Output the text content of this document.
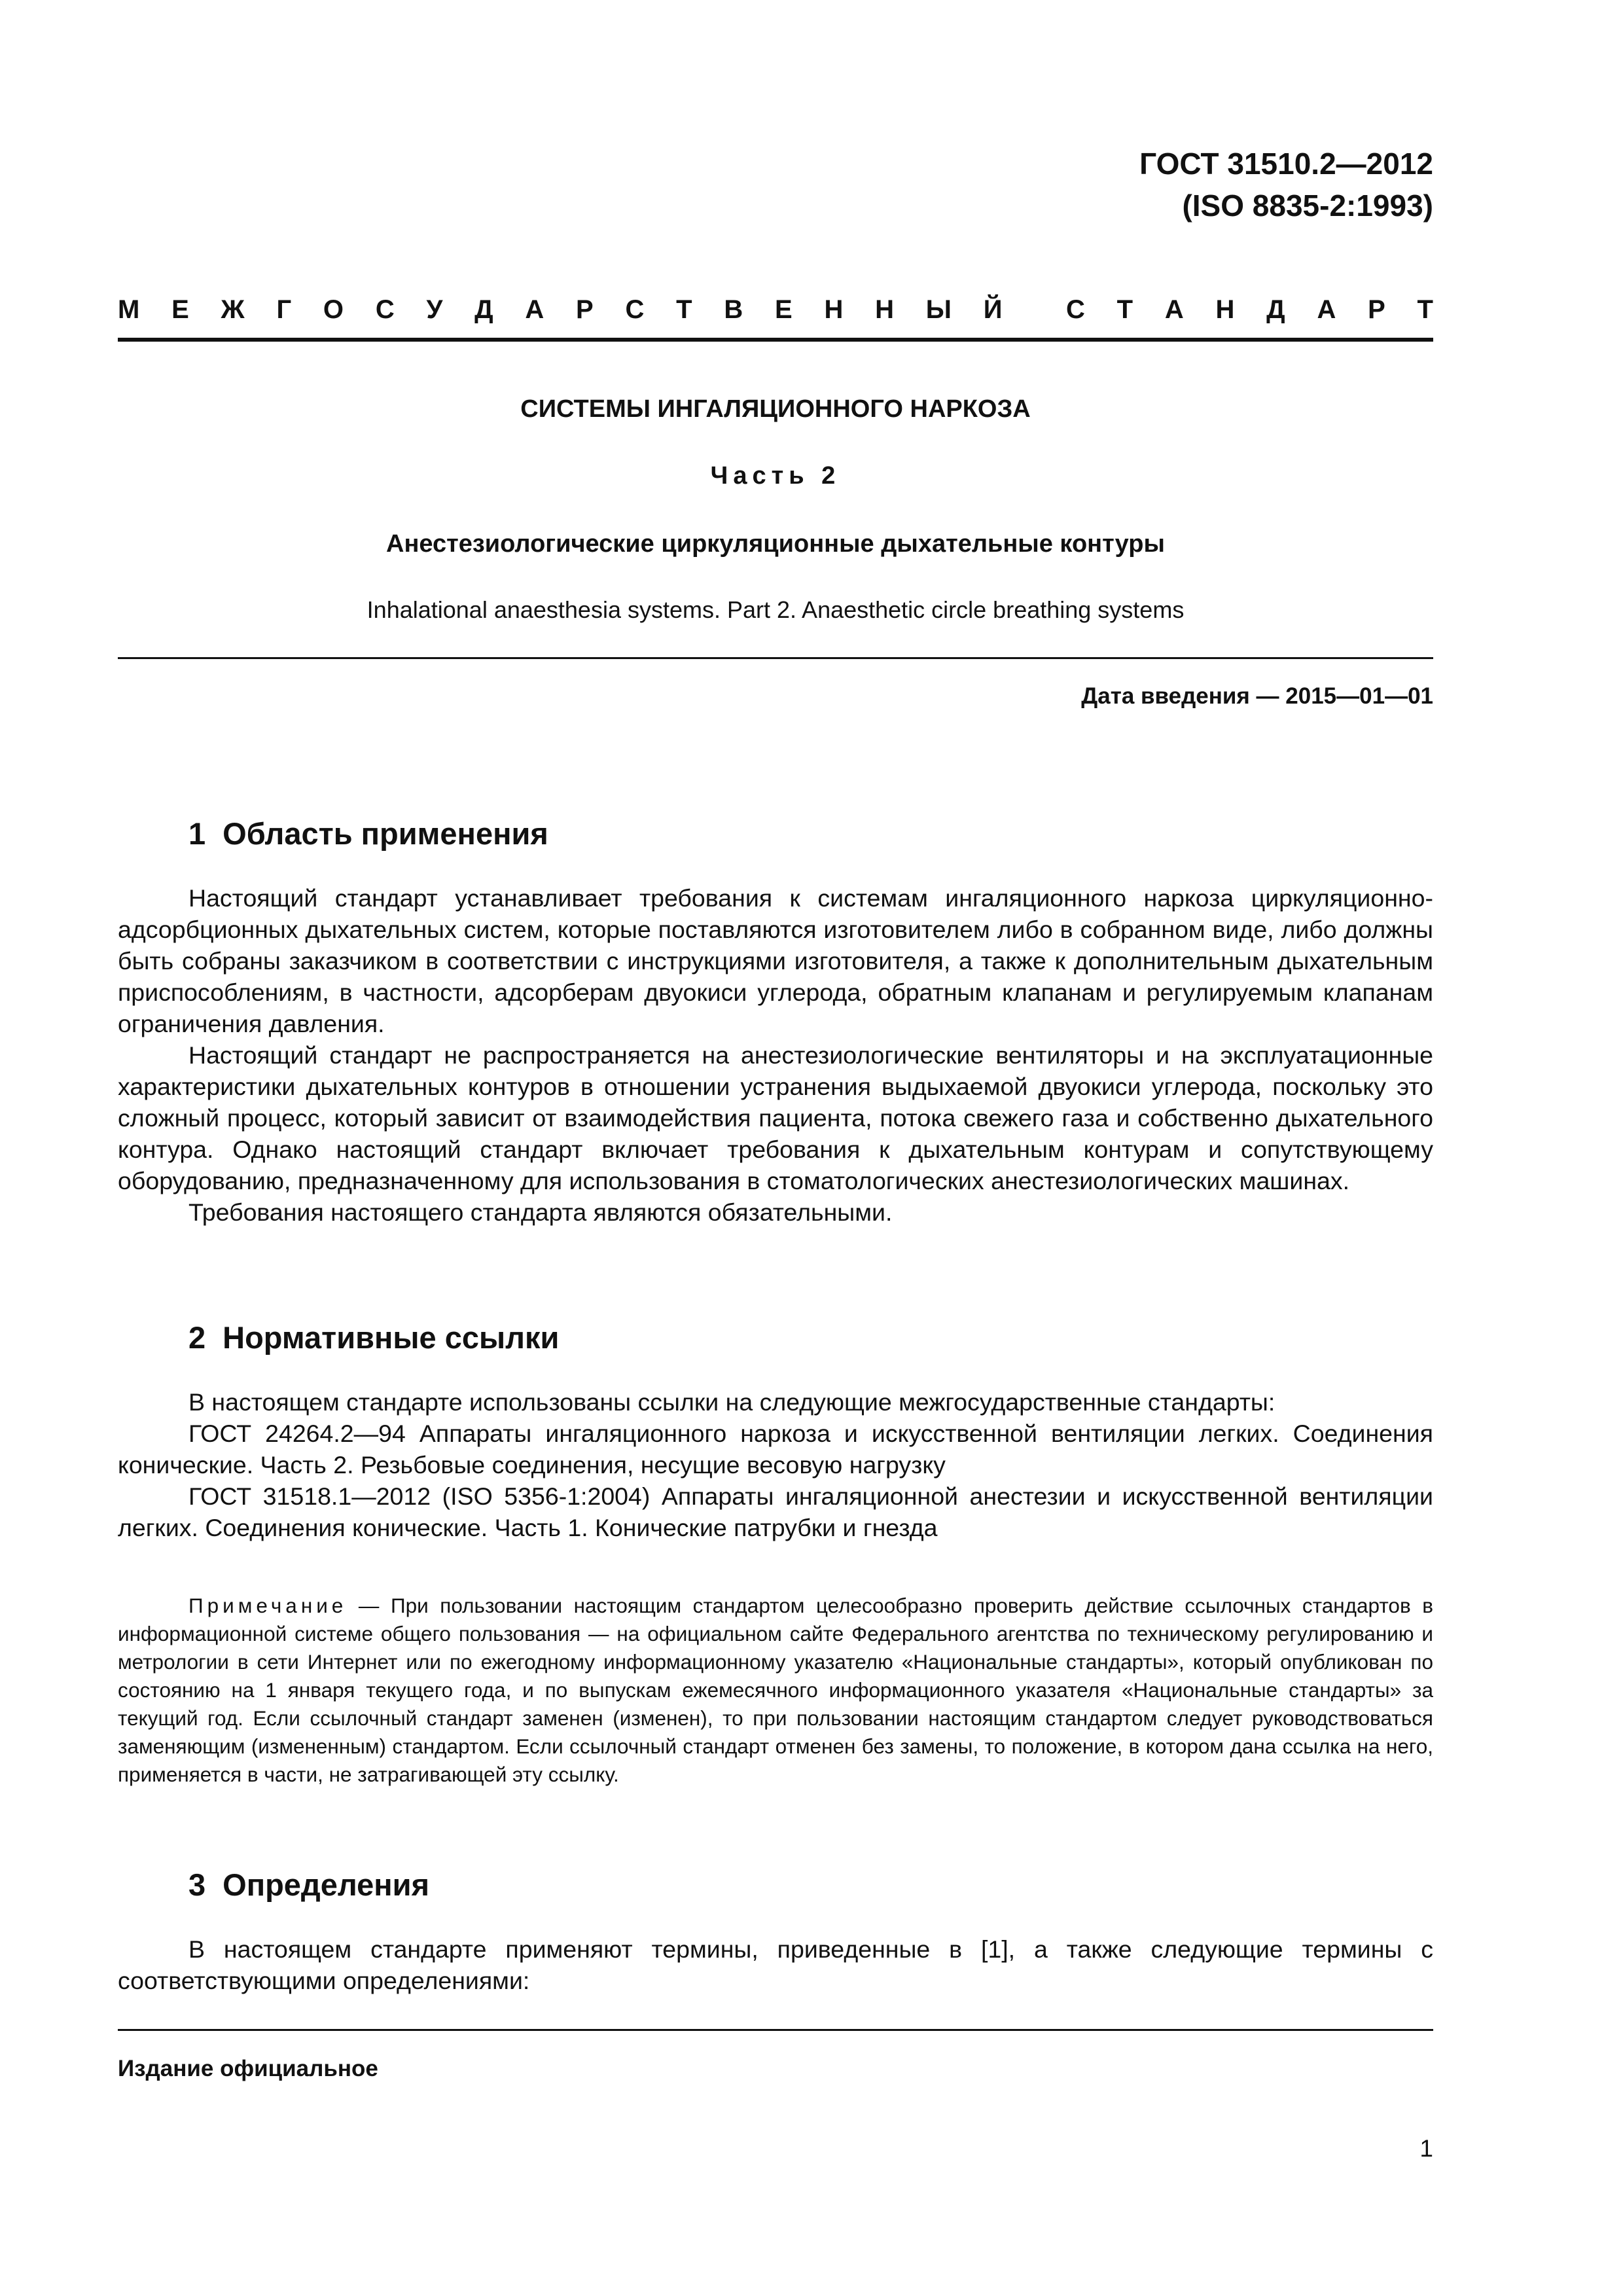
ГОСТ 31510.2—2012
(ISO 8835-2:1993)
М Е Ж Г О С У Д А Р С Т В Е Н Н Ы Й С Т А Н Д А Р Т
СИСТЕМЫ ИНГАЛЯЦИОННОГО НАРКОЗА
Часть 2
Анестезиологические циркуляционные дыхательные контуры
Inhalational anaesthesia systems. Part 2. Anaesthetic circle breathing systems
Дата введения — 2015—01—01
1 Область применения

Настоящий стандарт устанавливает требования к системам ингаляционного наркоза циркуляционно-адсорбционных дыхательных систем, которые поставляются изготовителем либо в собранном виде, либо должны быть собраны заказчиком в соответствии с инструкциями изготовителя, а также к дополнительным дыхательным приспособлениям, в частности, адсорберам двуокиси углерода, обратным клапанам и регулируемым клапанам ограничения давления.

Настоящий стандарт не распространяется на анестезиологические вентиляторы и на эксплуатационные характеристики дыхательных контуров в отношении устранения выдыхаемой двуокиси углерода, поскольку это сложный процесс, который зависит от взаимодействия пациента, потока свежего газа и собственно дыхательного контура. Однако настоящий стандарт включает требования к дыхательным контурам и сопутствующему оборудованию, предназначенному для использования в стоматологических анестезиологических машинах.

Требования настоящего стандарта являются обязательными.

2 Нормативные ссылки

В настоящем стандарте использованы ссылки на следующие межгосударственные стандарты:

ГОСТ 24264.2—94 Аппараты ингаляционного наркоза и искусственной вентиляции легких. Соединения конические. Часть 2. Резьбовые соединения, несущие весовую нагрузку

ГОСТ 31518.1—2012 (ISO 5356-1:2004) Аппараты ингаляционной анестезии и искусственной вентиляции легких. Соединения конические. Часть 1. Конические патрубки и гнезда

Примечание — При пользовании настоящим стандартом целесообразно проверить действие ссылочных стандартов в информационной системе общего пользования — на официальном сайте Федерального агентства по техническому регулированию и метрологии в сети Интернет или по ежегодному информационному указателю «Национальные стандарты», который опубликован по состоянию на 1 января текущего года, и по выпускам ежемесячного информационного указателя «Национальные стандарты» за текущий год. Если ссылочный стандарт заменен (изменен), то при пользовании настоящим стандартом следует руководствоваться заменяющим (измененным) стандартом. Если ссылочный стандарт отменен без замены, то положение, в котором дана ссылка на него, применяется в части, не затрагивающей эту ссылку.

3 Определения

В настоящем стандарте применяют термины, приведенные в [1], а также следующие термины с соответствующими определениями:

Издание официальное
1
